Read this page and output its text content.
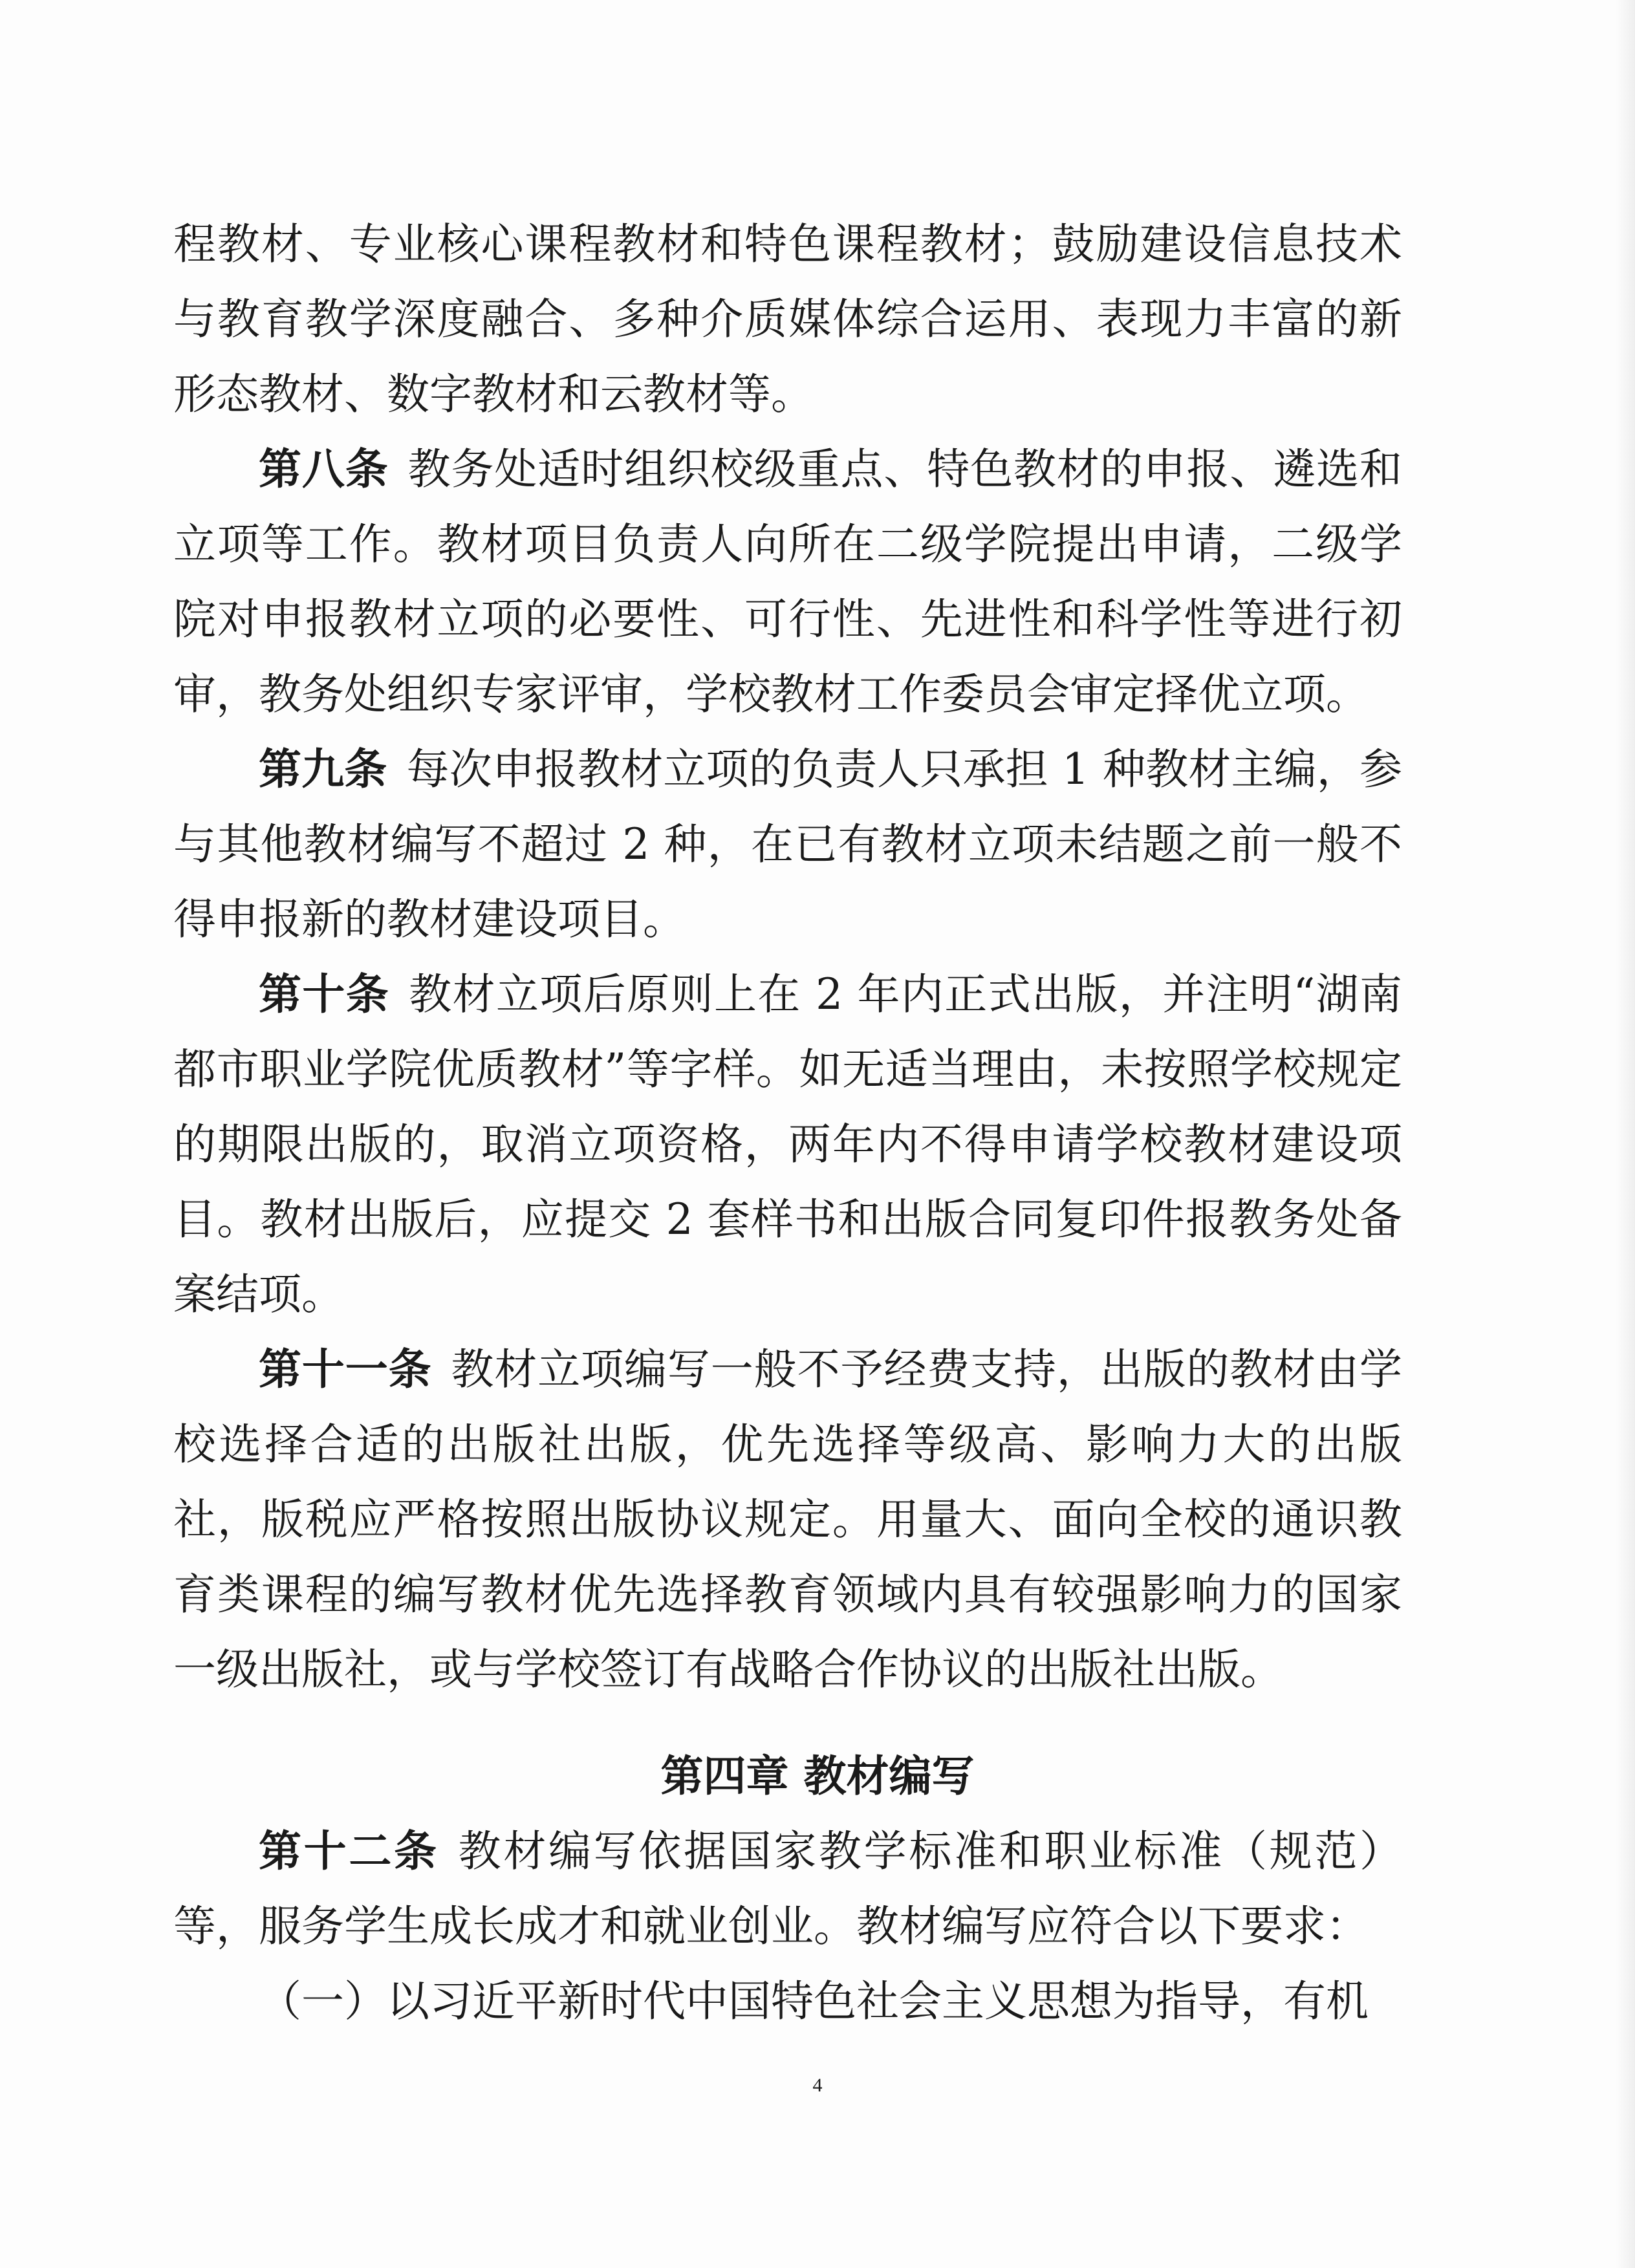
程教材、专业核心课程教材和特色课程教材；鼓励建设信息技术与教育教学深度融合、多种介质媒体综合运用、表现力丰富的新形态教材、数字教材和云教材等。

第八条 教务处适时组织校级重点、特色教材的申报、遴选和立项等工作。教材项目负责人向所在二级学院提出申请，二级学院对申报教材立项的必要性、可行性、先进性和科学性等进行初审，教务处组织专家评审，学校教材工作委员会审定择优立项。

第九条 每次申报教材立项的负责人只承担 1 种教材主编，参与其他教材编写不超过 2 种，在已有教材立项未结题之前一般不得申报新的教材建设项目。

第十条 教材立项后原则上在 2 年内正式出版，并注明“湖南都市职业学院优质教材”等字样。如无适当理由，未按照学校规定的期限出版的，取消立项资格，两年内不得申请学校教材建设项目。教材出版后，应提交 2 套样书和出版合同复印件报教务处备案结项。

第十一条 教材立项编写一般不予经费支持，出版的教材由学校选择合适的出版社出版，优先选择等级高、影响力大的出版社，版税应严格按照出版协议规定。用量大、面向全校的通识教育类课程的编写教材优先选择教育领域内具有较强影响力的国家一级出版社，或与学校签订有战略合作协议的出版社出版。

第四章 教材编写

第十二条 教材编写依据国家教学标准和职业标准（规范）等，服务学生成长成才和就业创业。教材编写应符合以下要求：

（一）以习近平新时代中国特色社会主义思想为指导，有机

4
